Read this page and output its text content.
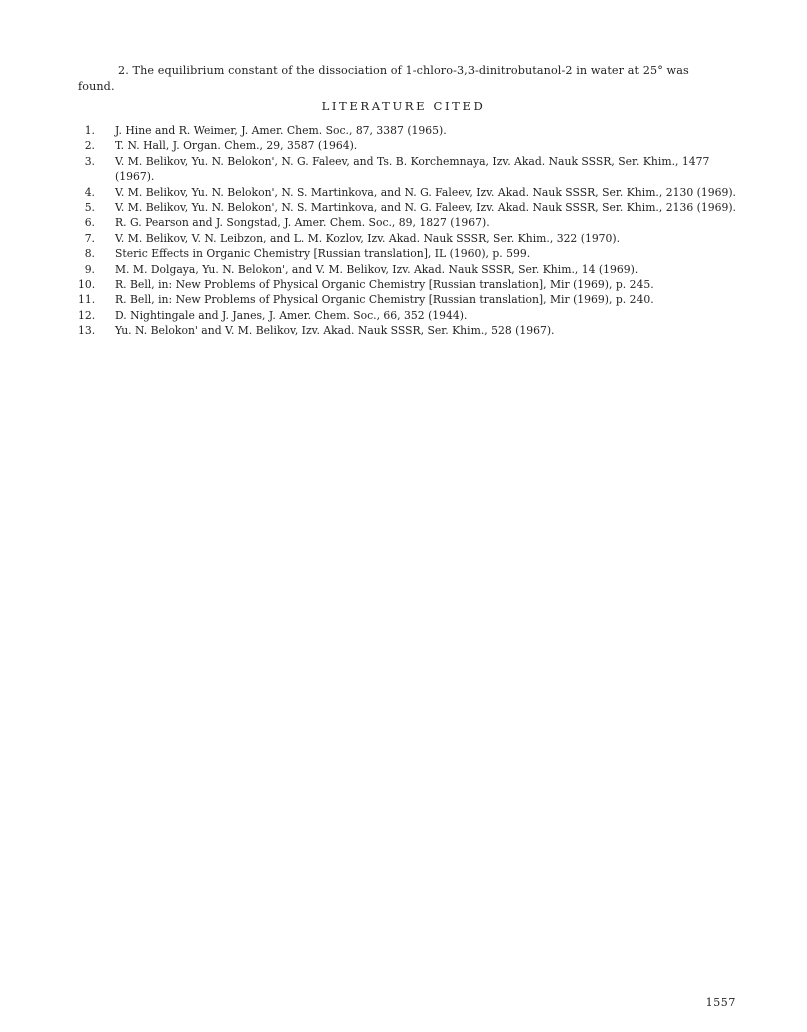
2. The equilibrium constant of the dissociation of 1-chloro-3,3-dinitrobutanol-2 in water at 25° was found.

LITERATURE CITED
1. J. Hine and R. Weimer, J. Amer. Chem. Soc., 87, 3387 (1965).
2. T. N. Hall, J. Organ. Chem., 29, 3587 (1964).
3. V. M. Belikov, Yu. N. Belokon', N. G. Faleev, and Ts. B. Korchemnaya, Izv. Akad. Nauk SSSR, Ser. Khim., 1477 (1967).
4. V. M. Belikov, Yu. N. Belokon', N. S. Martinkova, and N. G. Faleev, Izv. Akad. Nauk SSSR, Ser. Khim., 2130 (1969).
5. V. M. Belikov, Yu. N. Belokon', N. S. Martinkova, and N. G. Faleev, Izv. Akad. Nauk SSSR, Ser. Khim., 2136 (1969).
6. R. G. Pearson and J. Songstad, J. Amer. Chem. Soc., 89, 1827 (1967).
7. V. M. Belikov, V. N. Leibzon, and L. M. Kozlov, Izv. Akad. Nauk SSSR, Ser. Khim., 322 (1970).
8. Steric Effects in Organic Chemistry [Russian translation], IL (1960), p. 599.
9. M. M. Dolgaya, Yu. N. Belokon', and V. M. Belikov, Izv. Akad. Nauk SSSR, Ser. Khim., 14 (1969).
10. R. Bell, in: New Problems of Physical Organic Chemistry [Russian translation], Mir (1969), p. 245.
11. R. Bell, in: New Problems of Physical Organic Chemistry [Russian translation], Mir (1969), p. 240.
12. D. Nightingale and J. Janes, J. Amer. Chem. Soc., 66, 352 (1944).
13. Yu. N. Belokon' and V. M. Belikov, Izv. Akad. Nauk SSSR, Ser. Khim., 528 (1967).
1557
